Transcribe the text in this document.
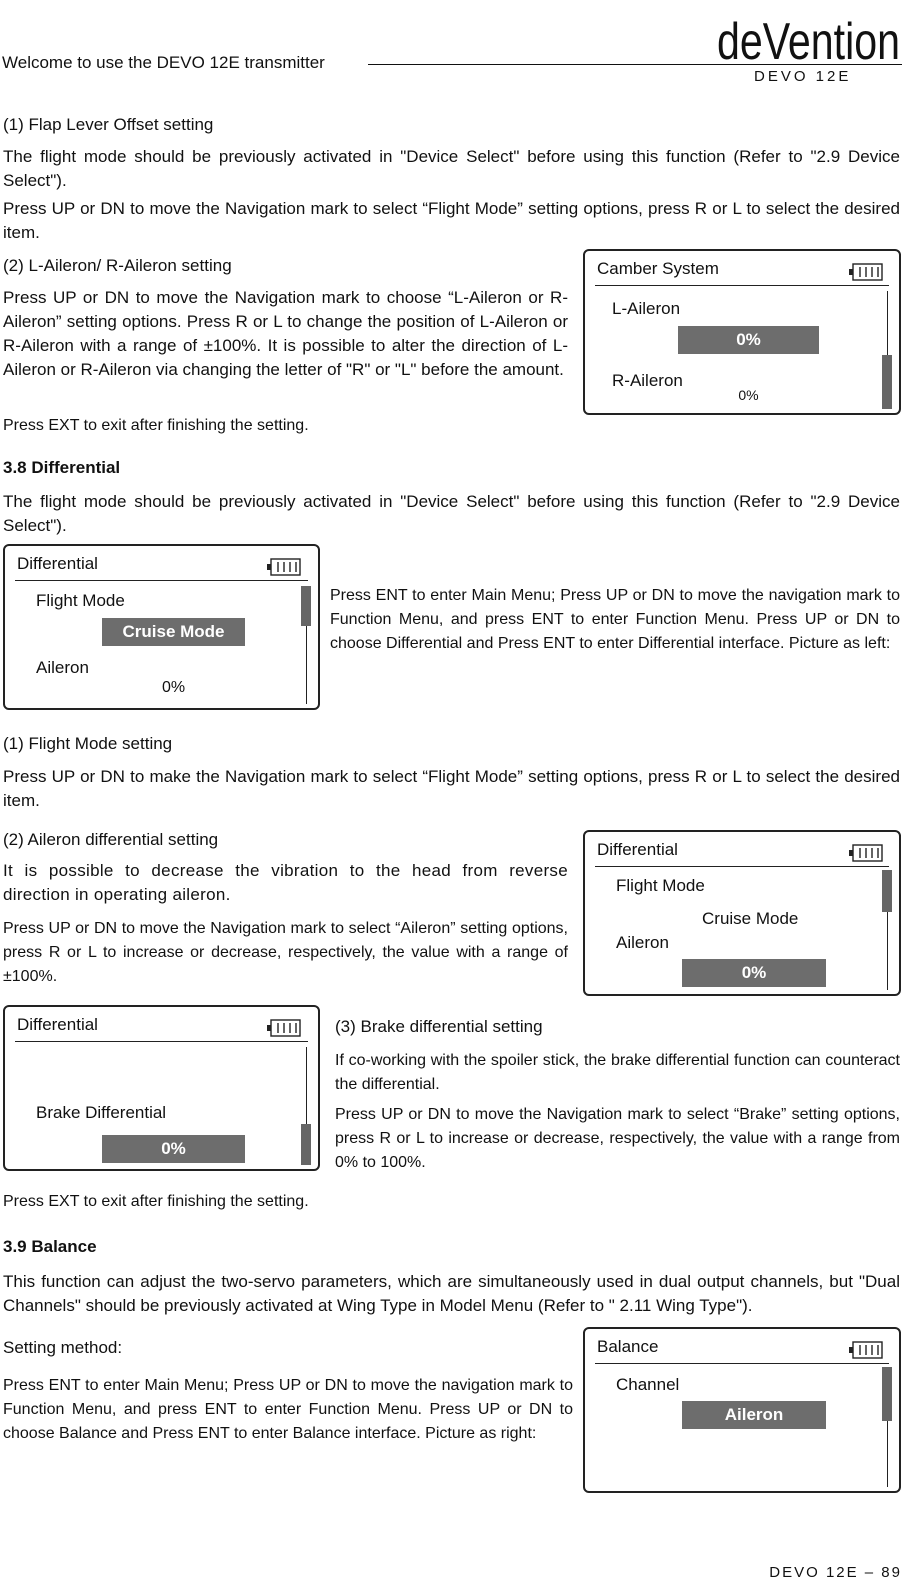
Welcome to use the DEVO 12E transmitter	deVention
DEVO 12E
(1) Flap Lever Offset setting
The flight mode should be previously activated in "Device Select" before using this function (Refer to "2.9 Device Select").
Press UP or DN to move the Navigation mark to select “Flight Mode” setting options, press R or L to select the desired item.
(2) L-Aileron/ R-Aileron setting
Press UP or DN to move the Navigation mark to choose “L-Aileron or R-Aileron” setting options. Press R or L to change the position of L-Aileron or R-Aileron with a range of ±100%. It is possible to alter the direction of L-Aileron or R-Aileron via changing the letter of "R" or "L" before the amount.
Press EXT to exit after finishing the setting.
Camber System
L-Aileron
0%
R-Aileron
0%
3.8 Differential
The flight mode should be previously activated in "Device Select" before using this function (Refer to "2.9 Device Select").
Differential
Flight Mode
Cruise Mode
Aileron
0%
Press ENT to enter Main Menu; Press UP or DN to move the navigation mark to Function Menu, and press ENT to enter Function Menu. Press UP or DN to choose Differential and Press ENT to enter Differential interface. Picture as left:
(1) Flight Mode setting
Press UP or DN to make the Navigation mark to select “Flight Mode” setting options, press R or L to select the desired item.
(2) Aileron differential setting
It is possible to decrease the vibration to the head from reverse direction in operating aileron.
Press UP or DN to move the Navigation mark to select “Aileron” setting options, press R or L to increase or decrease, respectively, the value with a range of ±100%.
Differential
Flight Mode
Cruise Mode
Aileron
0%
Differential
Brake Differential
0%
(3) Brake differential setting
If co-working with the spoiler stick, the brake differential function can counteract the differential.
Press UP or DN to move the Navigation mark to select “Brake” setting options, press R or L to increase or decrease, respectively, the value with a range from 0% to 100%.
Press EXT to exit after finishing the setting.
3.9 Balance
This function can adjust the two-servo parameters, which are simultaneously used in dual output channels, but "Dual Channels" should be previously activated at Wing Type in Model Menu (Refer to " 2.11 Wing Type").
Setting method:
Press ENT to enter Main Menu; Press UP or DN to move the navigation mark to Function Menu, and press ENT to enter Function Menu. Press UP or DN to choose Balance and Press ENT to enter Balance interface. Picture as right:
Balance
Channel
Aileron
DEVO 12E – 89
